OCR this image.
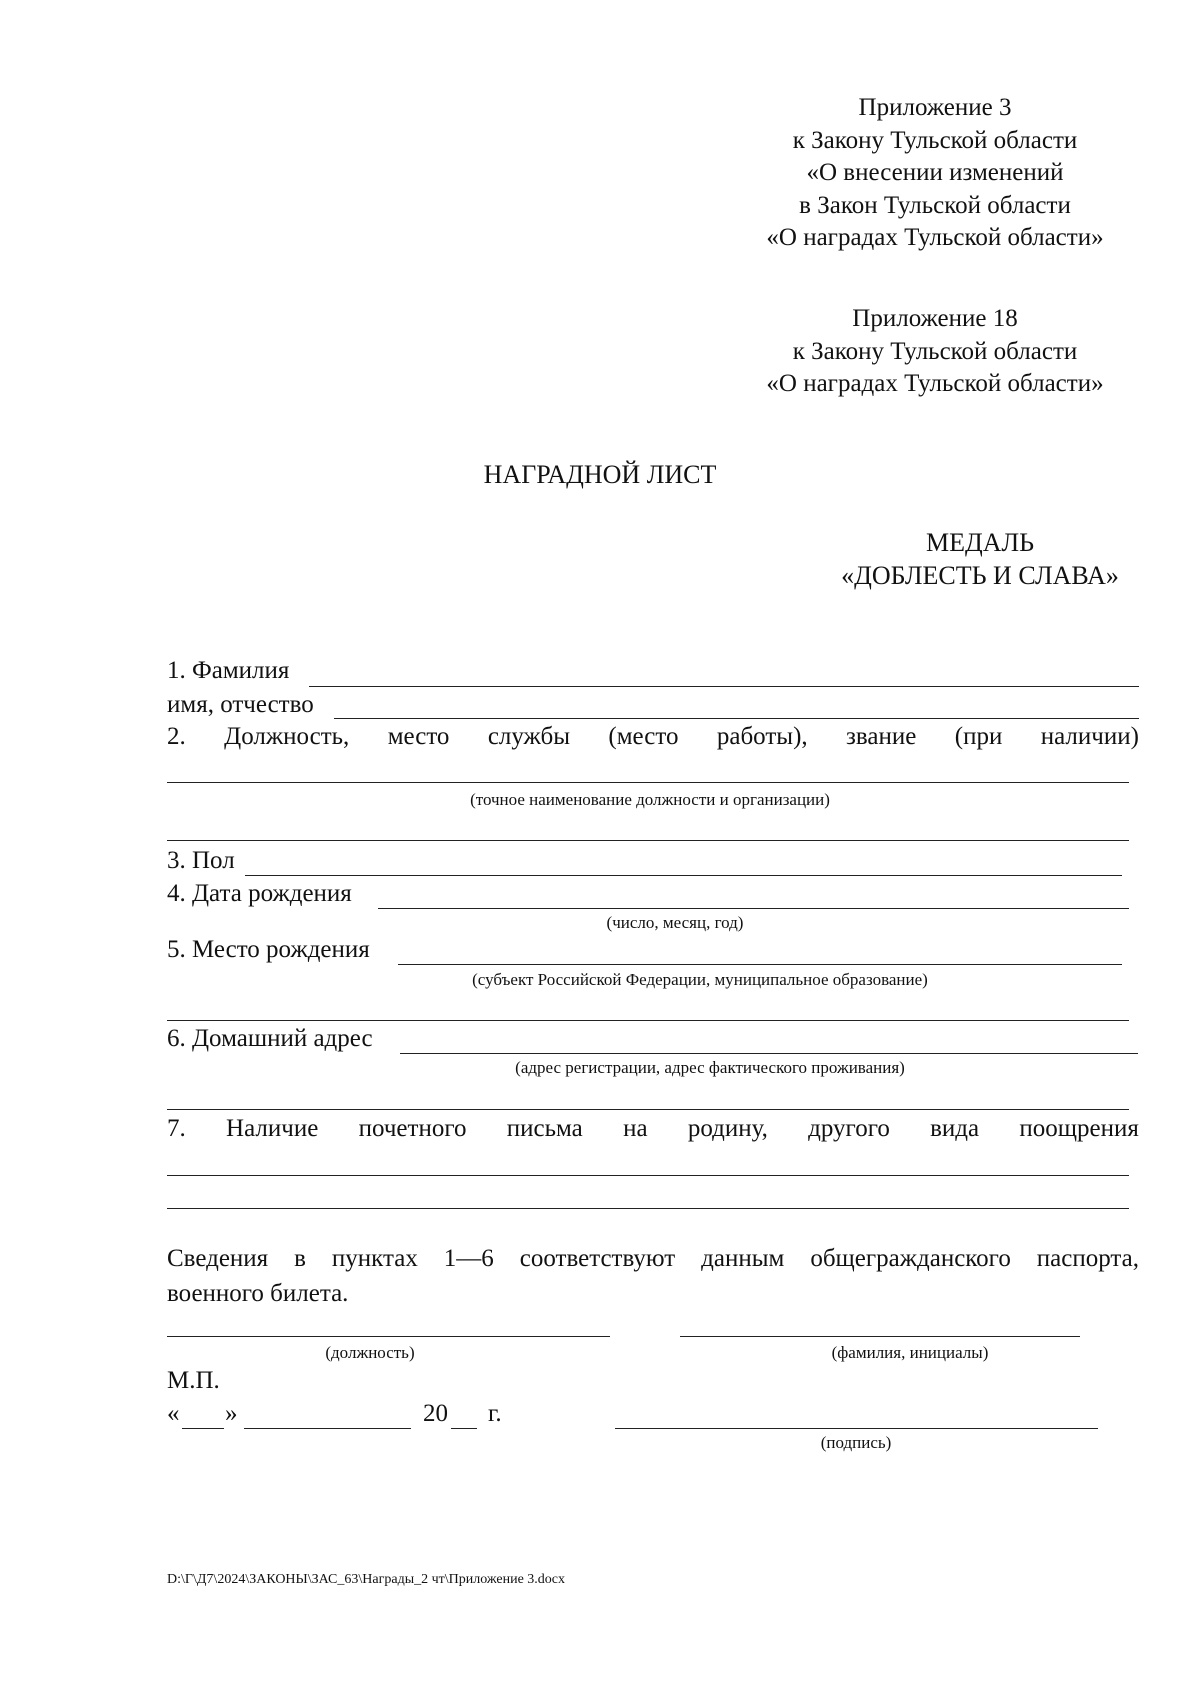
Приложение 3
к Закону Тульской области
«О внесении изменений
в Закон Тульской области
«О наградах Тульской области»
Приложение 18
к Закону Тульской области
«О наградах Тульской области»
НАГРАДНОЙ ЛИСТ
МЕДАЛЬ
«ДОБЛЕСТЬ И СЛАВА»
1. Фамилия
имя, отчество
2. Должность, место службы (место работы), звание (при наличии)
(точное наименование должности и организации)
3. Пол
4. Дата рождения
(число, месяц, год)
5. Место рождения
(субъект Российской Федерации, муниципальное образование)
6. Домашний адрес
(адрес регистрации, адрес фактического проживания)
7. Наличие почетного письма на родину, другого вида поощрения
Сведения в пунктах 1—6 соответствуют данным общегражданского паспорта,
военного билета.
(должность)	(фамилия, инициалы)
М.П.
« »	20 г.
(подпись)
D:\Г\Д7\2024\ЗАКОНЫ\ЗАС_63\Награды_2 чт\Приложение 3.docx
